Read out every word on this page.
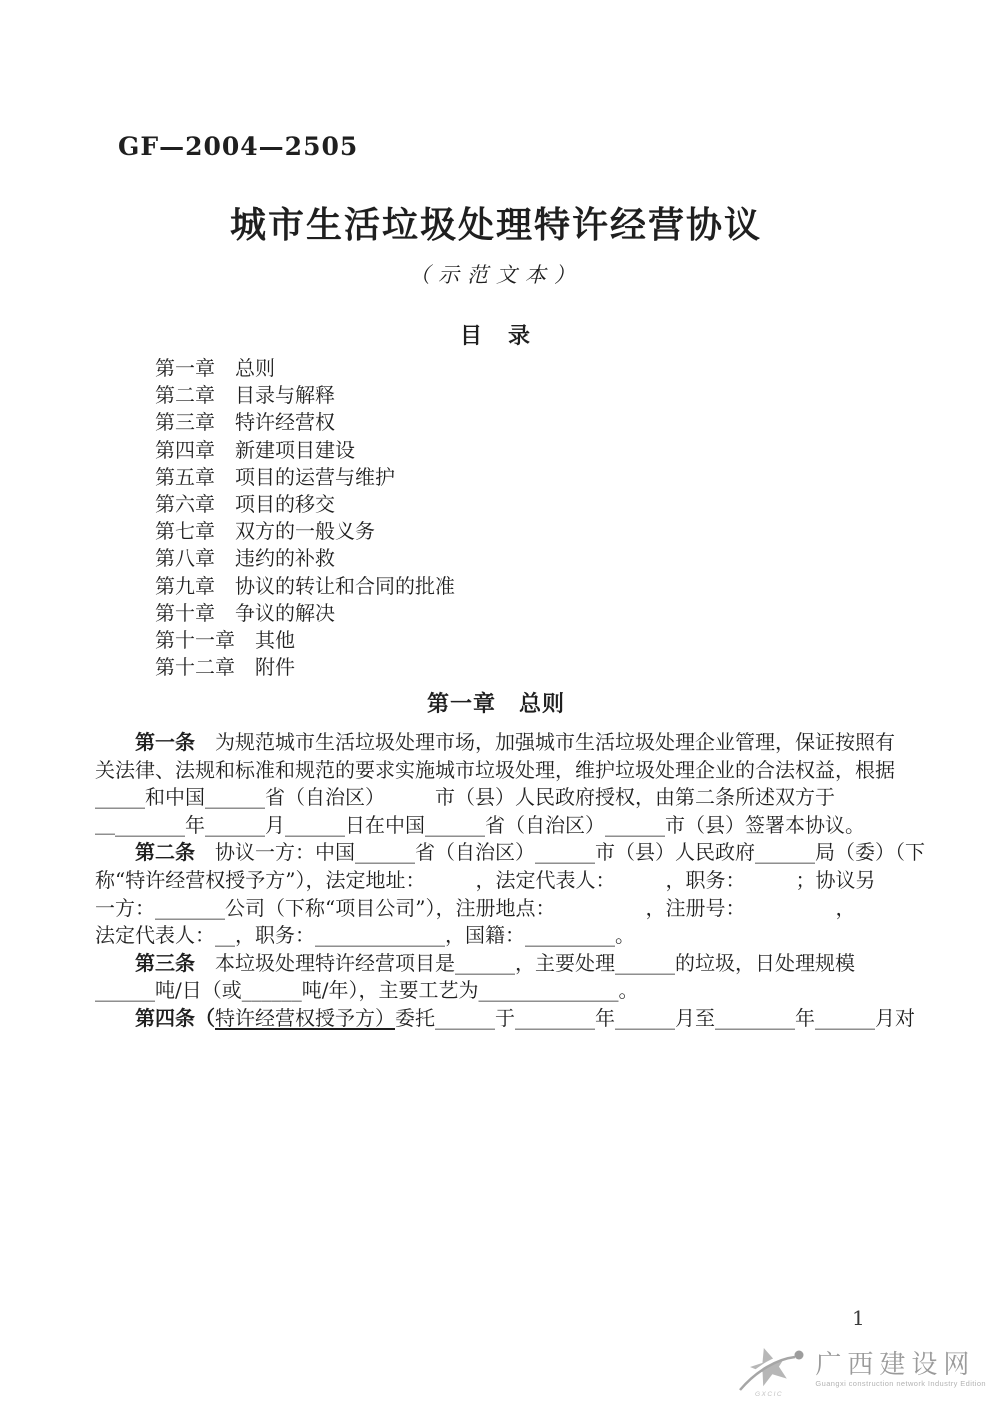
GF—2004—2505
城市生活垃圾处理特许经营协议
（示范文本）
目　录
第一章　总则
第二章　目录与解释
第三章　特许经营权
第四章　新建项目建设
第五章　项目的运营与维护
第六章　项目的移交
第七章　双方的一般义务
第八章　违约的补救
第九章　协议的转让和合同的批准
第十章　争议的解决
第十一章　其他
第十二章　附件
第一章　总则
第一条　为规范城市生活垃圾处理市场，加强城市生活垃圾处理企业管理，保证按照有
关法律、法规和标准和规范的要求实施城市垃圾处理，维护垃圾处理企业的合法权益，根据
_____和中国______省（自治区）　　　市（县）人民政府授权，由第二条所述双方于
＿_______年______月______日在中国______省（自治区）______市（县）签署本协议。
第二条　协议一方：中国______省（自治区）______市（县）人民政府______局（委）（下
称“特许经营权授予方”），法定地址：　　　，法定代表人：　　　，职务：　　　；协议另
一方：_______公司（下称“项目公司”），注册地点：　　　　　，注册号：　　　　　，
法定代表人：__，职务：_____________，国籍：_________。
第三条　本垃圾处理特许经营项目是______，主要处理______的垃圾，日处理规模
______吨/日（或______吨/年），主要工艺为______________。
第四条（特许经营权授予方）委托______于________年______月至________年______月对
1
GXCIC
广西建设网
Guangxi construction network Industry Edition
